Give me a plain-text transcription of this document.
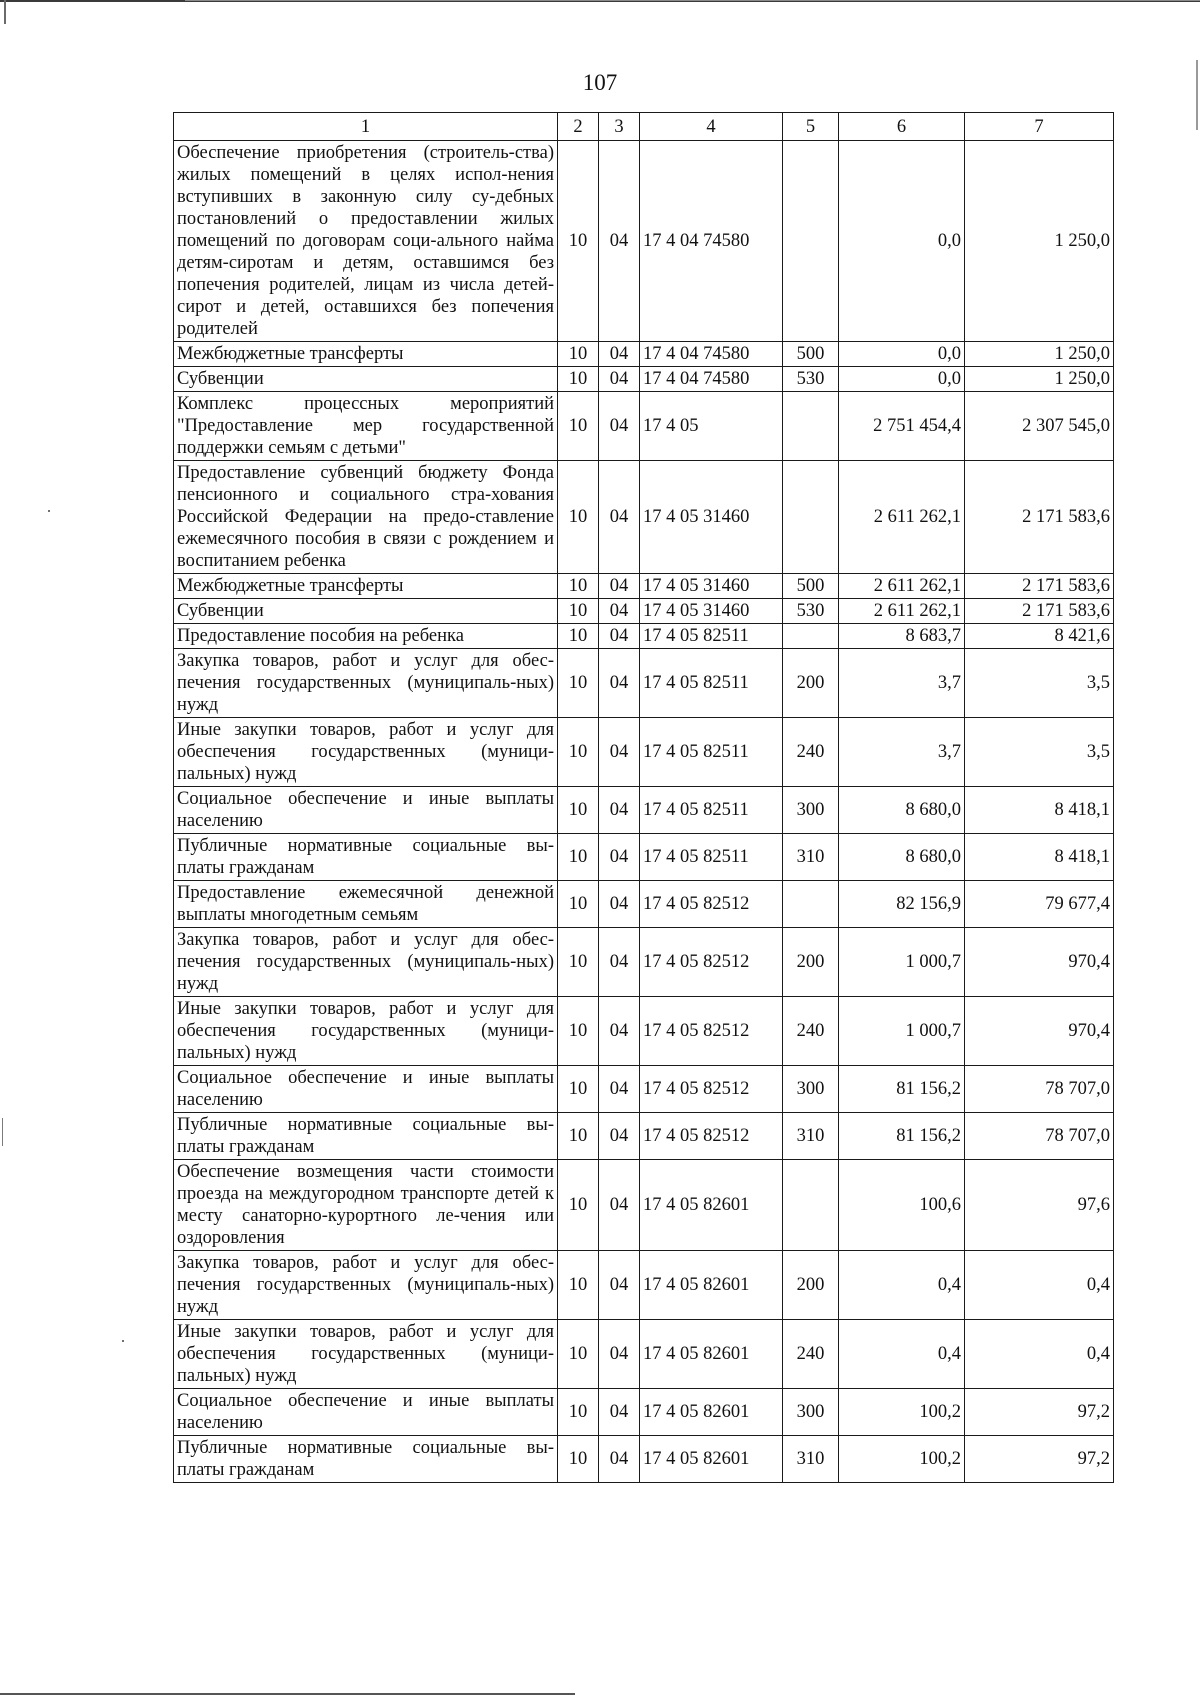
107
1	2	3	4	5	6	7
Обеспечение приобретения (строитель-ства) жилых помещений в целях испол-нения вступивших в законную силу су-дебных постановлений о предоставлении жилых помещений по договорам соци-ального найма детям-сиротам и детям, оставшимся без попечения родителей, лицам из числа детей-сирот и детей, оставшихся без попечения родителей	10	04	17 4 04 74580		0,0	1 250,0
Межбюджетные трансферты	10	04	17 4 04 74580	500	0,0	1 250,0
Субвенции	10	04	17 4 04 74580	530	0,0	1 250,0
Комплекс процессных мероприятий "Предоставление мер государственной поддержки семьям с детьми"	10	04	17 4 05		2 751 454,4	2 307 545,0
Предоставление субвенций бюджету Фонда пенсионного и социального стра-хования Российской Федерации на предо-ставление ежемесячного пособия в связи с рождением и воспитанием ребенка	10	04	17 4 05 31460		2 611 262,1	2 171 583,6
Межбюджетные трансферты	10	04	17 4 05 31460	500	2 611 262,1	2 171 583,6
Субвенции	10	04	17 4 05 31460	530	2 611 262,1	2 171 583,6
Предоставление пособия на ребенка	10	04	17 4 05 82511		8 683,7	8 421,6
Закупка товаров, работ и услуг для обес-печения государственных (муниципаль-ных) нужд	10	04	17 4 05 82511	200	3,7	3,5
Иные закупки товаров, работ и услуг для обеспечения государственных (муници-пальных) нужд	10	04	17 4 05 82511	240	3,7	3,5
Социальное обеспечение и иные выплаты населению	10	04	17 4 05 82511	300	8 680,0	8 418,1
Публичные нормативные социальные вы-платы гражданам	10	04	17 4 05 82511	310	8 680,0	8 418,1
Предоставление ежемесячной денежной выплаты многодетным семьям	10	04	17 4 05 82512		82 156,9	79 677,4
Закупка товаров, работ и услуг для обес-печения государственных (муниципаль-ных) нужд	10	04	17 4 05 82512	200	1 000,7	970,4
Иные закупки товаров, работ и услуг для обеспечения государственных (муници-пальных) нужд	10	04	17 4 05 82512	240	1 000,7	970,4
Социальное обеспечение и иные выплаты населению	10	04	17 4 05 82512	300	81 156,2	78 707,0
Публичные нормативные социальные вы-платы гражданам	10	04	17 4 05 82512	310	81 156,2	78 707,0
Обеспечение возмещения части стоимости проезда на междугородном транспорте детей к месту санаторно-курортного ле-чения или оздоровления	10	04	17 4 05 82601		100,6	97,6
Закупка товаров, работ и услуг для обес-печения государственных (муниципаль-ных) нужд	10	04	17 4 05 82601	200	0,4	0,4
Иные закупки товаров, работ и услуг для обеспечения государственных (муници-пальных) нужд	10	04	17 4 05 82601	240	0,4	0,4
Социальное обеспечение и иные выплаты населению	10	04	17 4 05 82601	300	100,2	97,2
Публичные нормативные социальные вы-платы гражданам	10	04	17 4 05 82601	310	100,2	97,2
